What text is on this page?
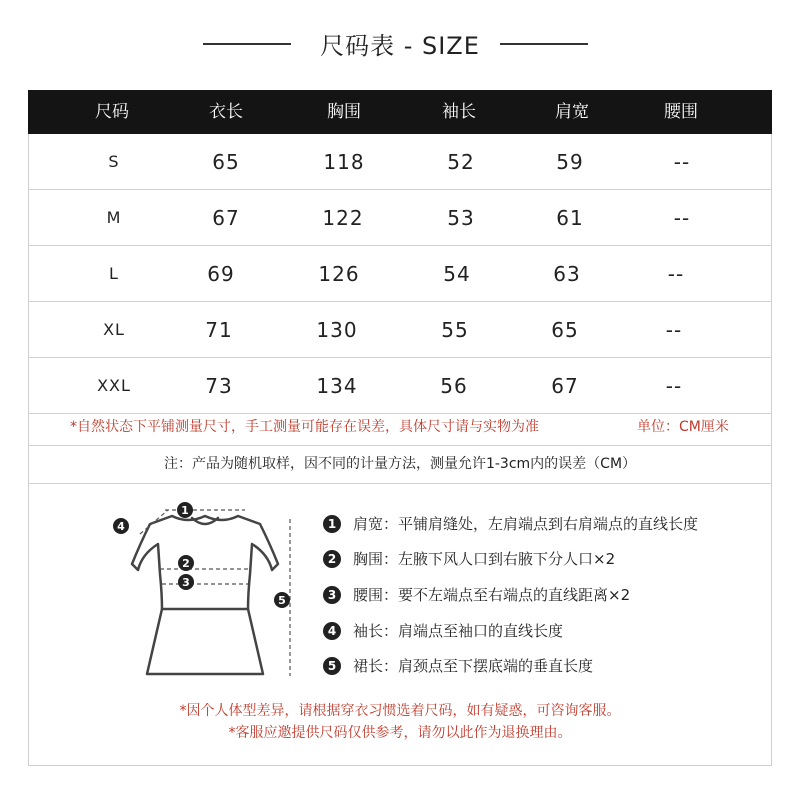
尺码表 - SIZE
尺码	衣长	胸围	袖长	肩宽	腰围
S	65	118	52	59	--
M	67	122	53	61	--
L	69	126	54	63	--
XL	71	130	55	65	--
XXL	73	134	56	67	--
*自然状态下平铺测量尺寸，手工测量可能存在误差，具体尺寸请与实物为准	单位：CM厘米
注：产品为随机取样，因不同的计量方法，测量允许1-3cm内的误差（CM）
1
2
3
4
5
1	肩宽：平铺肩缝处，左肩端点到右肩端点的直线长度
2	胸围：左腋下风人口到右腋下分人口×2
3	腰围：要不左端点至右端点的直线距离×2
4	袖长：肩端点至袖口的直线长度
5	裙长：肩颈点至下摆底端的垂直长度
*因个人体型差异，请根据穿衣习惯选着尺码，如有疑惑，可咨询客服。
*客服应邀提供尺码仅供参考，请勿以此作为退换理由。
